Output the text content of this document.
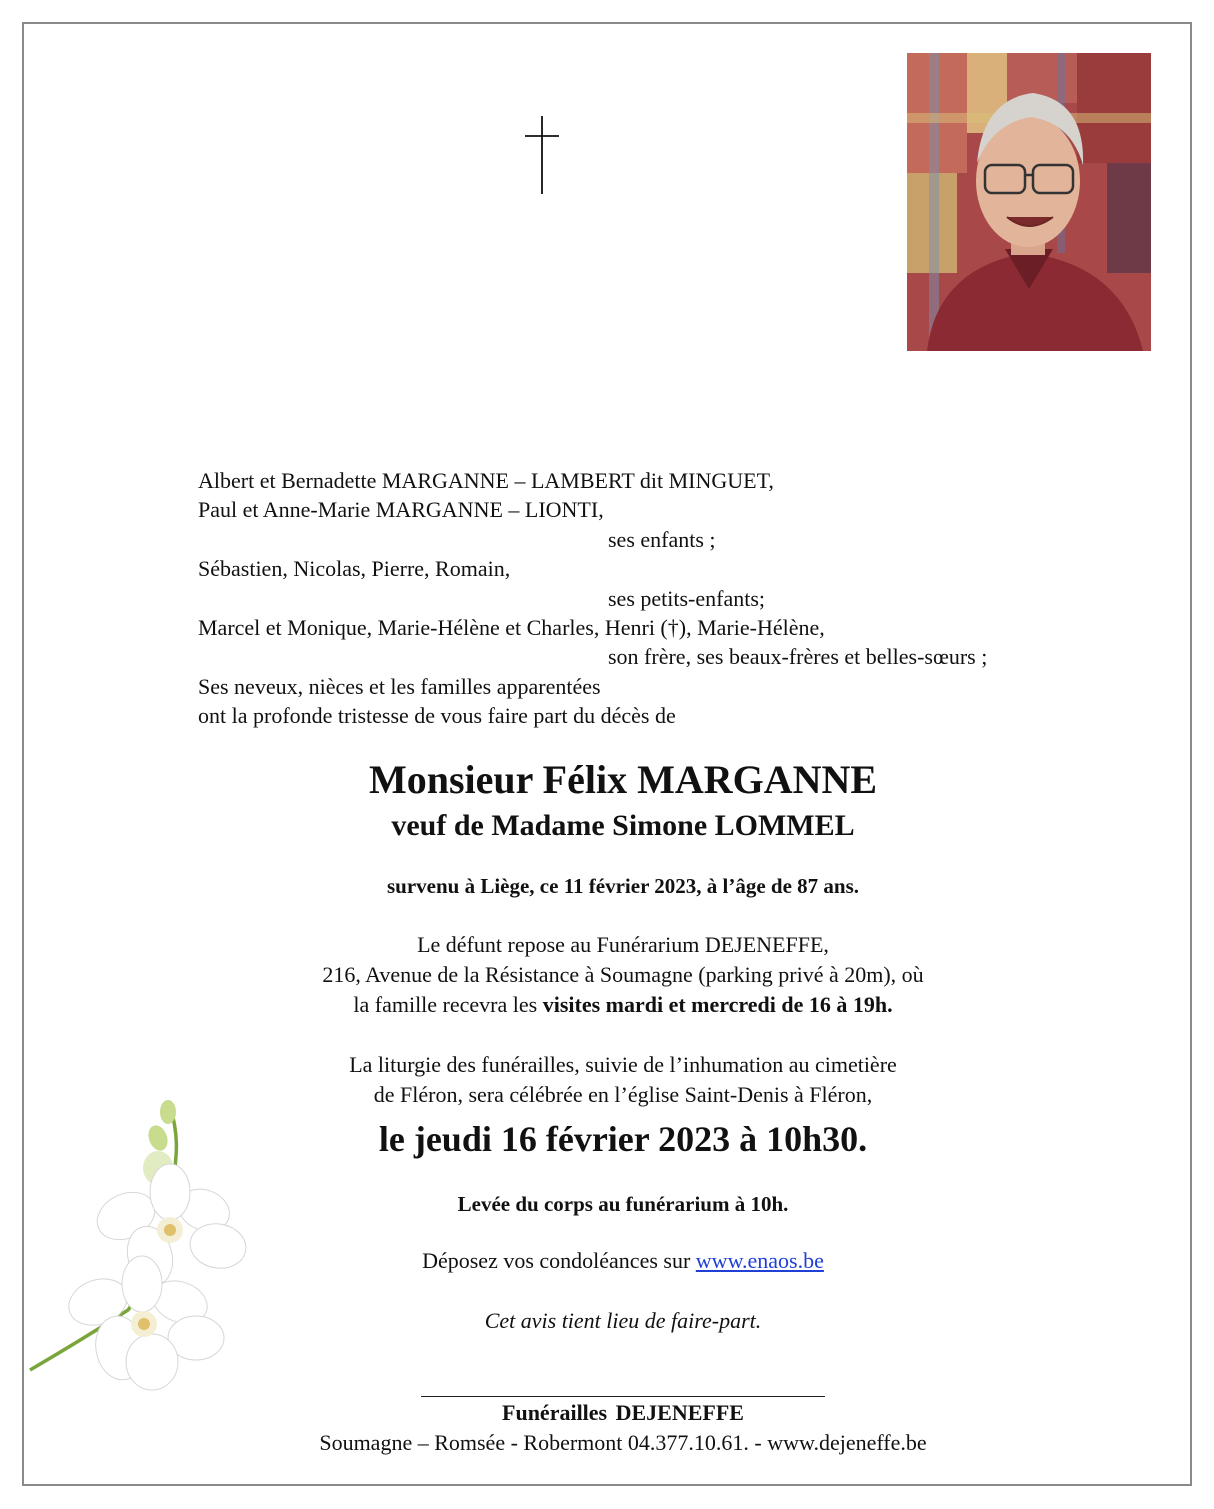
Albert et Bernadette MARGANNE – LAMBERT dit MINGUET,
Paul et Anne-Marie MARGANNE – LIONTI,
ses enfants ;
Sébastien, Nicolas, Pierre, Romain,
ses petits-enfants;
Marcel et Monique, Marie-Hélène et Charles, Henri (†), Marie-Hélène,
son frère, ses beaux-frères et belles-sœurs ;
Ses neveux, nièces et les familles apparentées
ont la profonde tristesse de vous faire part du décès de
Monsieur Félix MARGANNE
veuf de Madame Simone LOMMEL
survenu à Liège, ce 11 février 2023, à l’âge de 87 ans.
Le défunt repose au Funérarium DEJENEFFE,
216, Avenue de la Résistance à Soumagne (parking privé à 20m), où
la famille recevra les visites mardi et mercredi de 16 à 19h.
La liturgie des funérailles, suivie de l’inhumation au cimetière
de Fléron, sera célébrée en l’église Saint-Denis à Fléron,
le jeudi 16 février 2023 à 10h30.
Levée du corps au funérarium à 10h.
Déposez vos condoléances sur www.enaos.be
Cet avis tient lieu de faire-part.
Funérailles DEJENEFFE
Soumagne – Romsée - Robermont 04.377.10.61. - www.dejeneffe.be
